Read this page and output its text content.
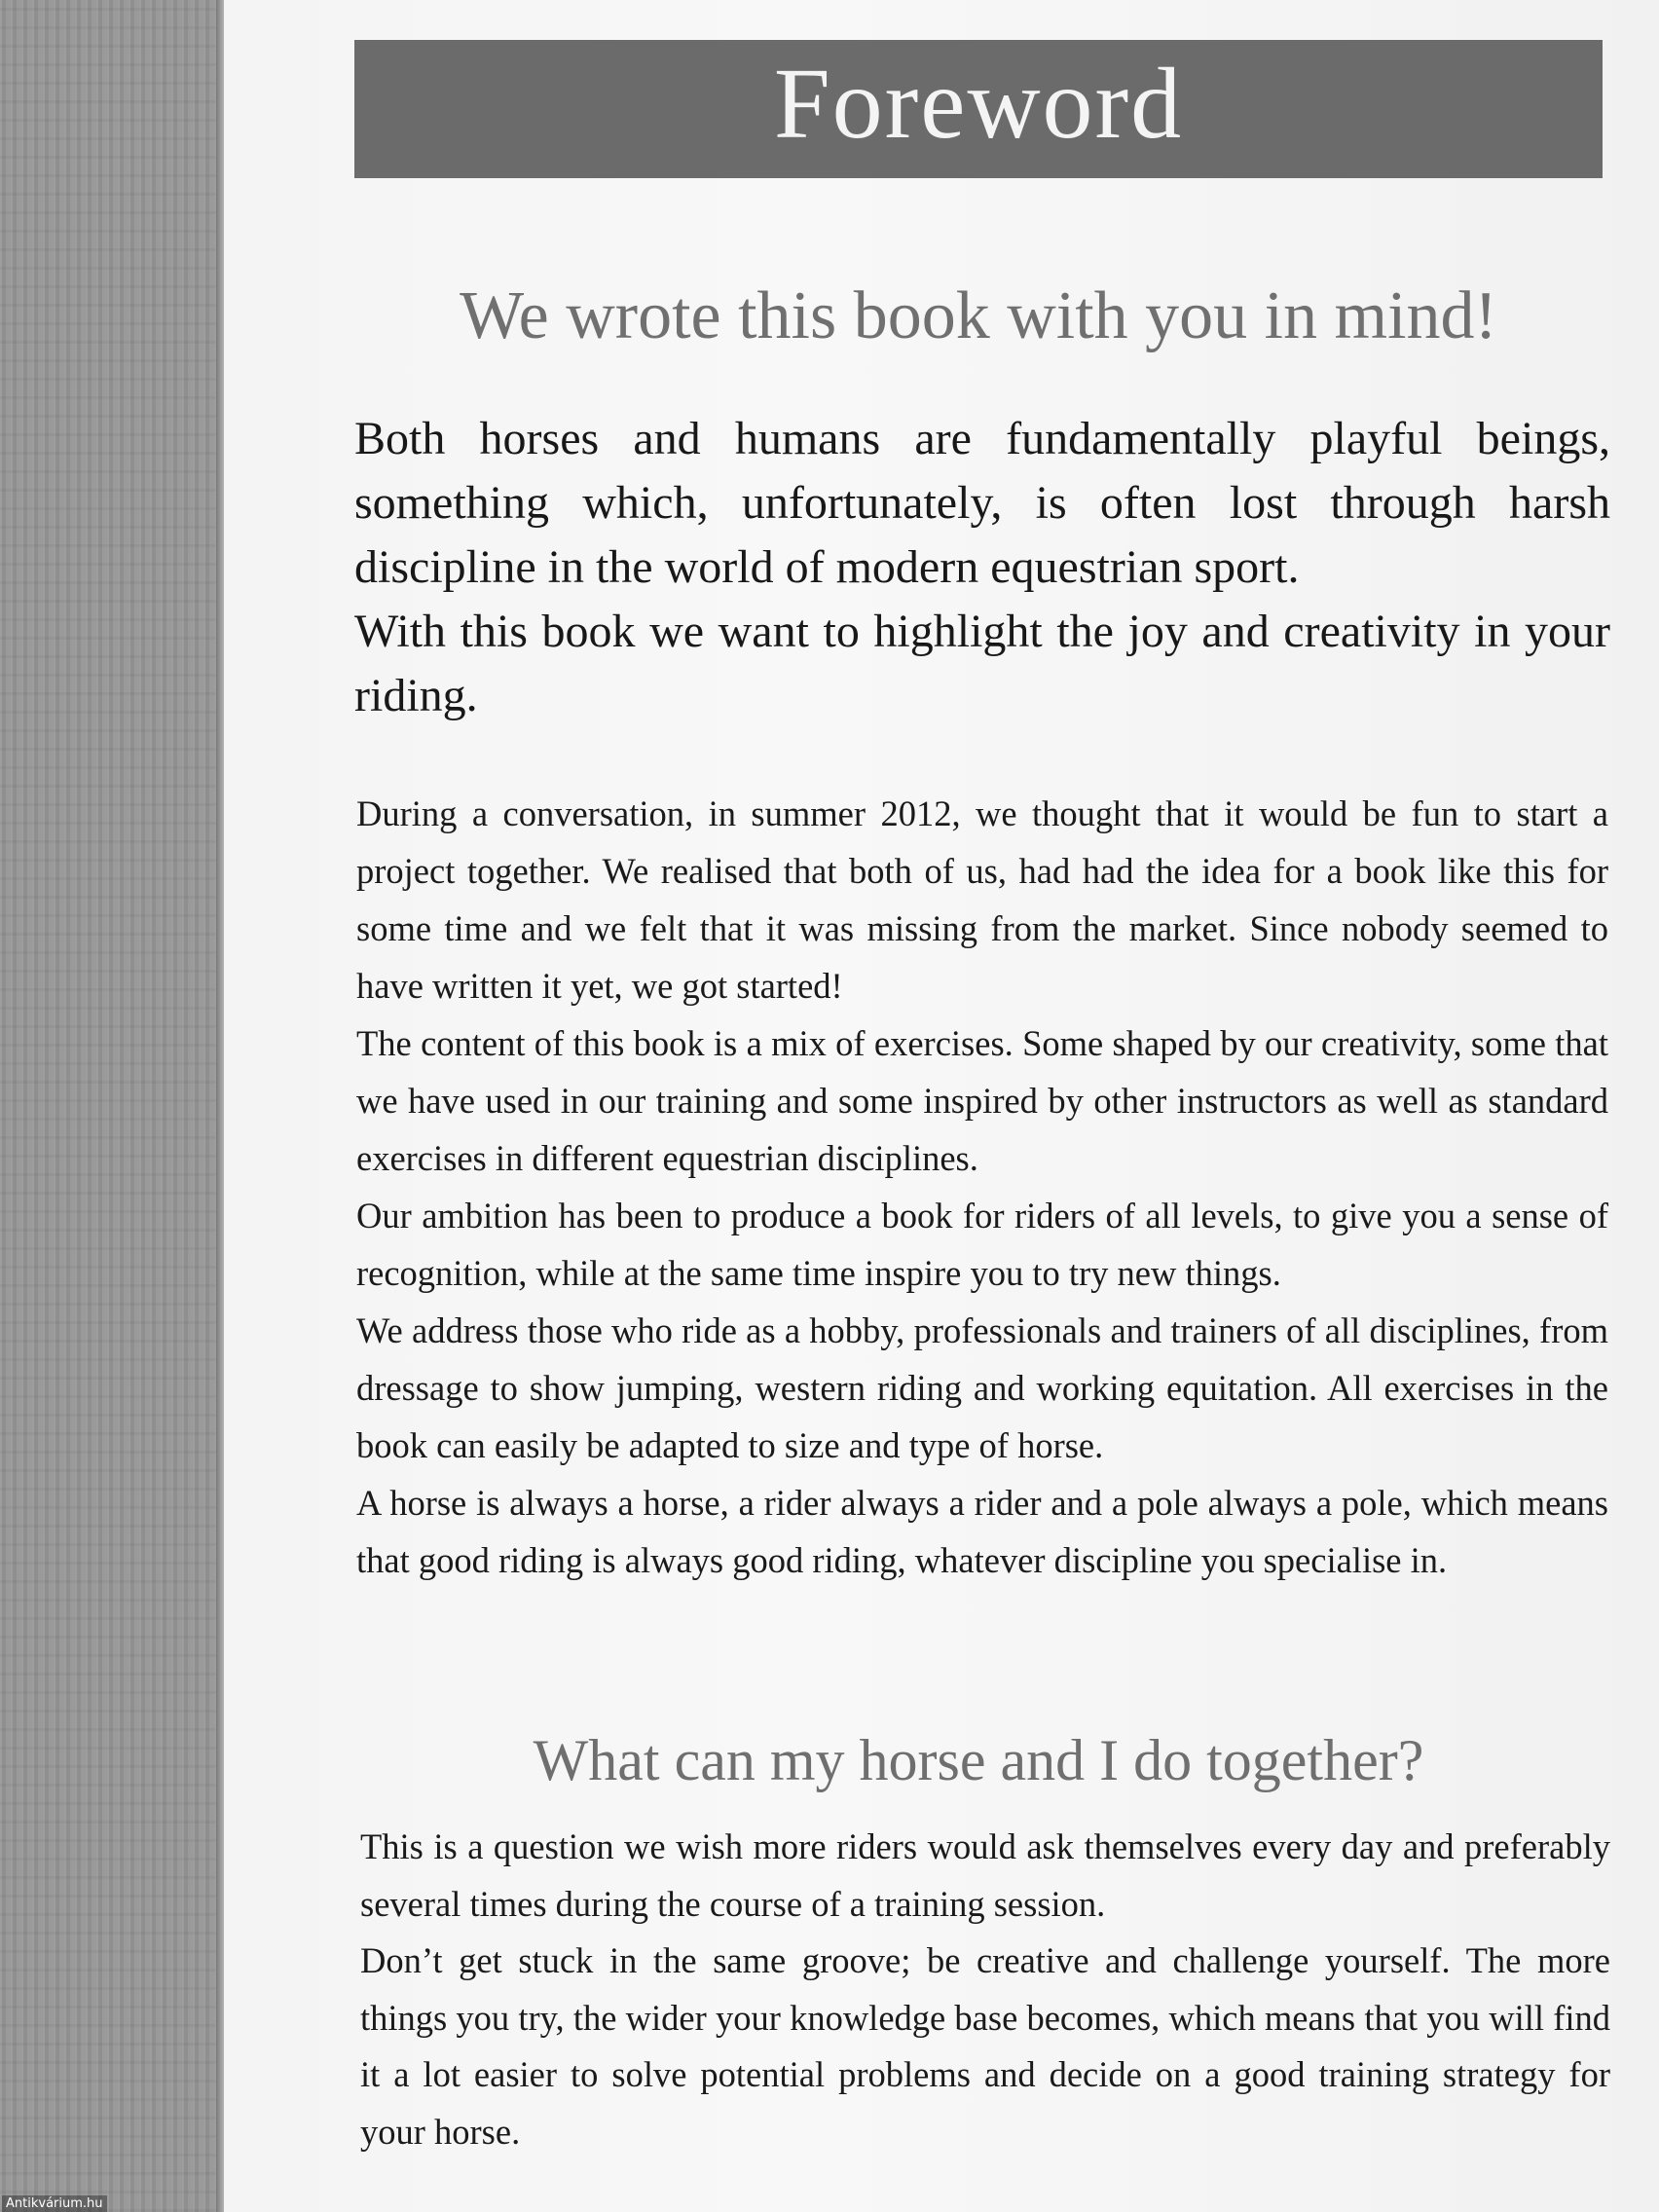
Foreword
We wrote this book with you in mind!

Both horses and humans are fundamentally playful beings, something which, unfortunately, is often lost through harsh discipline in the world of modern equestrian sport.

With this book we want to highlight the joy and creativity in your riding.

During a conversation, in summer 2012, we thought that it would be fun to start a project together. We realised that both of us, had had the idea for a book like this for some time and we felt that it was missing from the market. Since nobody seemed to have written it yet, we got started!

The content of this book is a mix of exercises. Some shaped by our creativity, some that we have used in our training and some inspired by other instructors as well as standard exercises in different equestrian disciplines.

Our ambition has been to produce a book for riders of all levels, to give you a sense of recognition, while at the same time inspire you to try new things.

We address those who ride as a hobby, professionals and trainers of all disciplines, from dressage to show jumping, western riding and working equitation. All exercises in the book can easily be adapted to size and type of horse.

A horse is always a horse, a rider always a rider and a pole always a pole, which means that good riding is always good riding, whatever discipline you specialise in.

What can my horse and I do together?

This is a question we wish more riders would ask themselves every day and preferably several times during the course of a training session.

Don’t get stuck in the same groove; be creative and challenge yourself. The more things you try, the wider your knowledge base becomes, which means that you will find it a lot easier to solve potential problems and decide on a good training strategy for your horse.

Antikvárium.hu
